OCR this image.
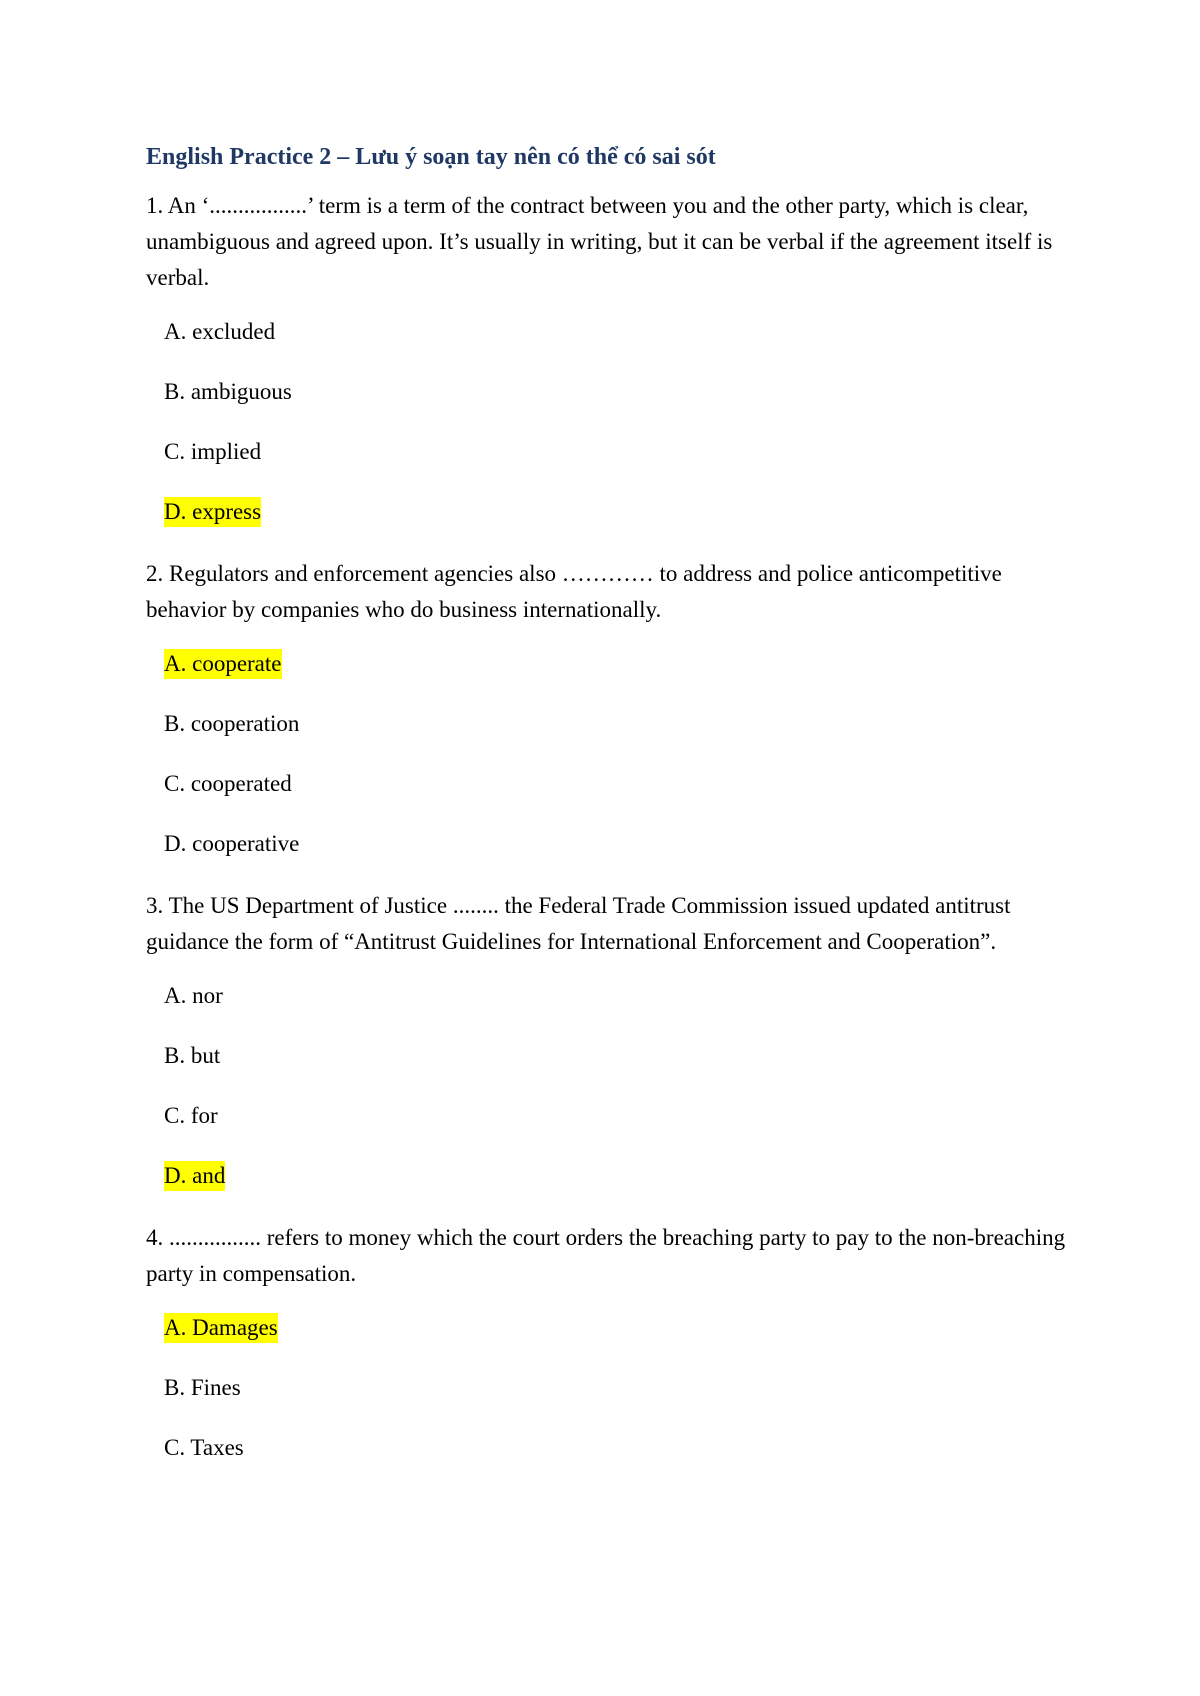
English Practice 2 – Lưu ý soạn tay nên có thể có sai sót

1. An ‘.................’ term is a term of the contract between you and the other party, which is clear, unambiguous and agreed upon. It’s usually in writing, but it can be verbal if the agreement itself is verbal.

A. excluded
B. ambiguous
C. implied
D. express

2. Regulators and enforcement agencies also ………… to address and police anticompetitive behavior by companies who do business internationally.

A. cooperate
B. cooperation
C. cooperated
D. cooperative

3. The US Department of Justice ........ the Federal Trade Commission issued updated antitrust guidance the form of “Antitrust Guidelines for International Enforcement and Cooperation”.

A. nor
B. but
C. for
D. and

4. ................ refers to money which the court orders the breaching party to pay to the non-breaching party in compensation.

A. Damages
B. Fines
C. Taxes
